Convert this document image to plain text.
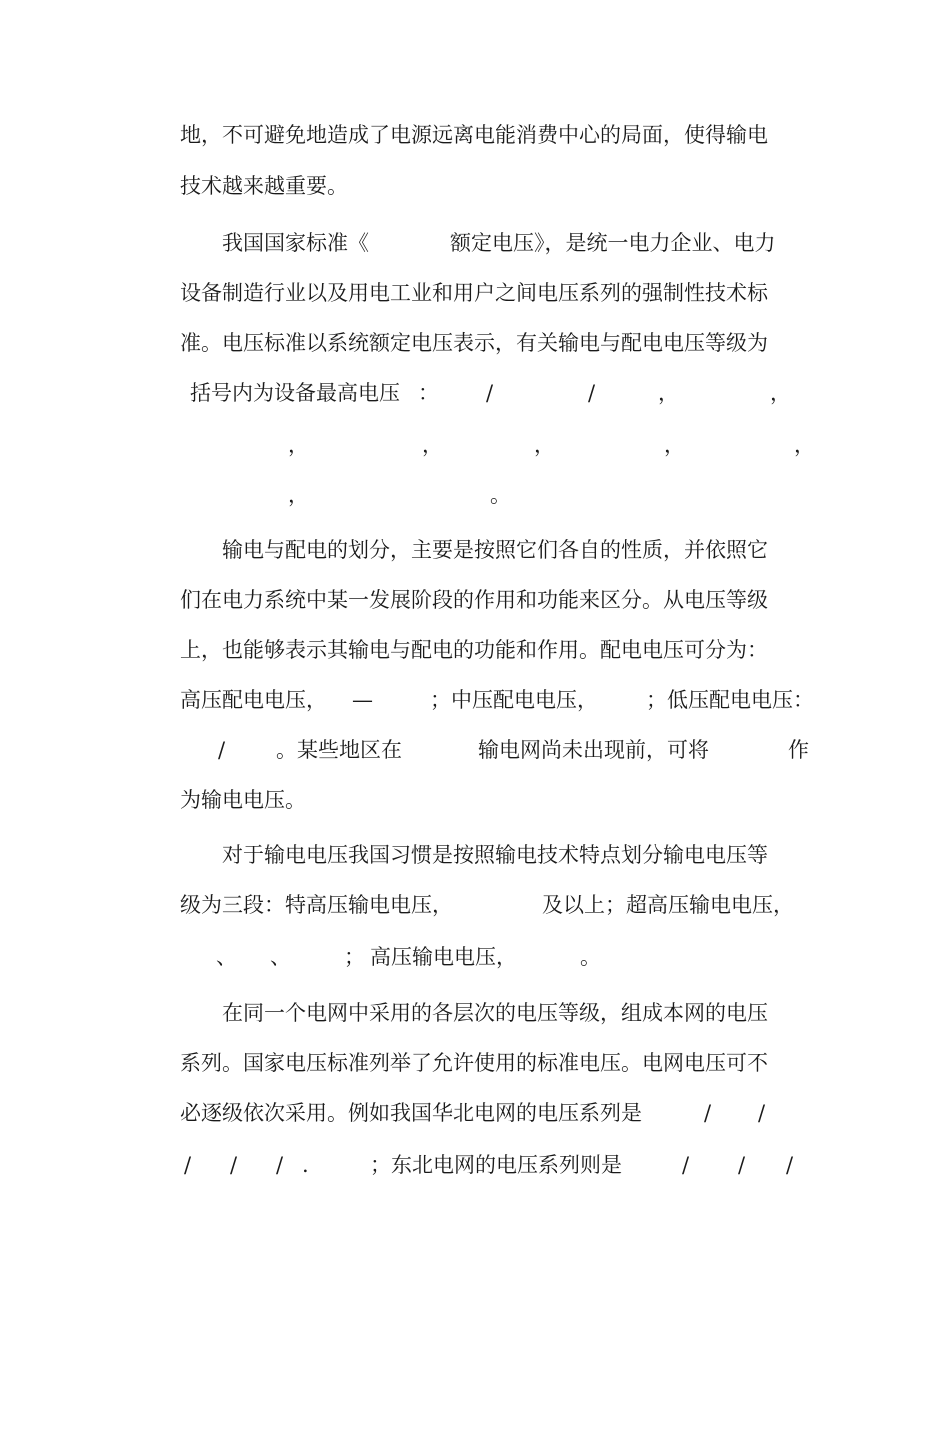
地，不可避免地造成了电源远离电能消费中心的局面，使得输电

技术越来越重要。

我国国家标准《

	额定电压》，是统一电力企业、电力

设备制造行业以及用电工业和用户之间电压系列的强制性技术标

准。电压标准以系统额定电压表示，有关输电与配电电压等级为

括号内为设备最高电压

：

/

	/

	，

	，

，

	，

	，

	，

	，

，

	。

输电与配电的划分，主要是按照它们各自的性质，并依照它

们在电力系统中某一发展阶段的作用和功能来区分。从电压等级

上，也能够表示其输电与配电的功能和作用。配电电压可分为：

高压配电电压，

—

	；中压配电电压，

；低压配电电压：

/

。某些地区在

	输电网尚未出现前，可将

	作

为输电电压。

对于输电电压我国习惯是按照输电技术特点划分输电电压等

级为三段：特高压输电电压，

	及以上；超高压输电电压，

、

、

	；

高压输电电压，

	。

在同一个电网中采用的各层次的电压等级，组成本网的电压

系列。国家电压标准列举了允许使用的标准电压。电网电压可不

必逐级依次采用。例如我国华北电网的电压系列是

	/

/

/

/

/

.

	；东北电网的电压系列则是

	/

/

/
